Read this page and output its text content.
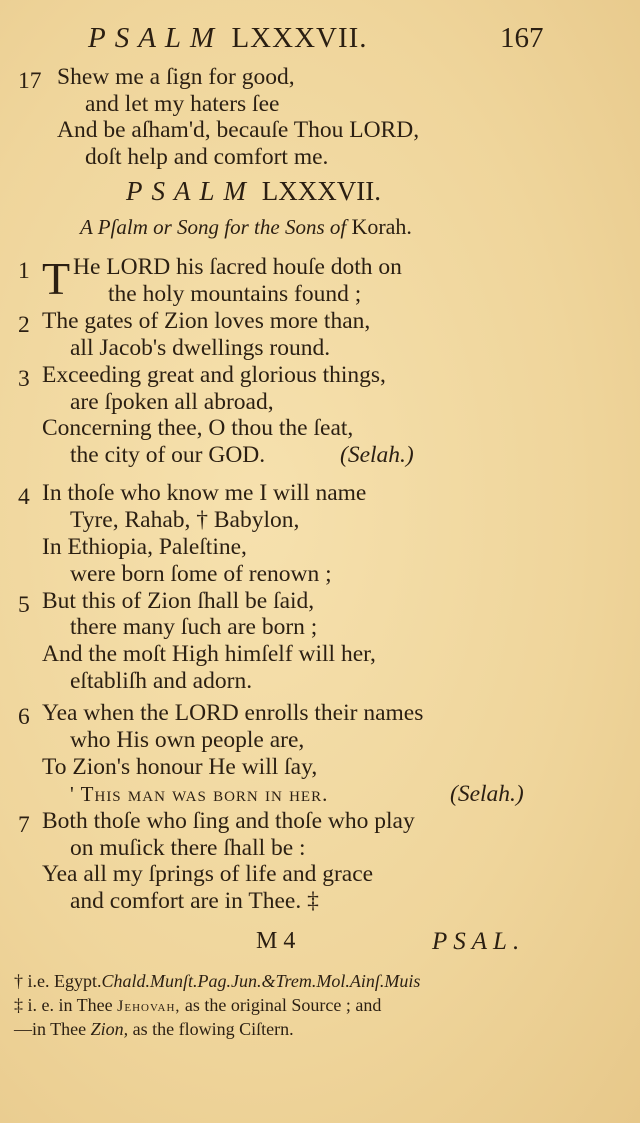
PSALM LXXXVII.	167
17 Shew me a ſign for good,
and let my haters ſee
And be aſham'd, becauſe Thou LORD,
doſt help and comfort me.
PSALM LXXXVII.
A Pſalm or Song for the Sons of Korah.
1 T He LORD his ſacred houſe doth on
the holy mountains found ;
2 The gates of Zion loves more than,
all Jacob's dwellings round.
3 Exceeding great and glorious things,
are ſpoken all abroad,
Concerning thee, O thou the ſeat,
the city of our GOD.	(Selah.)
4 In thoſe who know me I will name
Tyre, Rahab, † Babylon,
In Ethiopia, Paleſtine,
were born ſome of renown ;
5 But this of Zion ſhall be ſaid,
there many ſuch are born ;
And the moſt High himſelf will her,
eſtabliſh and adorn.
6 Yea when the LORD enrolls their names
who His own people are,
To Zion's honour He will ſay,
' This man was born in her.	(Selah.)
7 Both thoſe who ſing and thoſe who play
on muſick there ſhall be :
Yea all my ſprings of life and grace
and comfort are in Thee. ‡
M 4	PSAL.
† i.e. Egypt.Chald.Munſt.Pag.Jun.&Trem.Mol.Ainſ.Muis
‡ i. e. in Thee Jehovah, as the original Source ; and
—in Thee Zion, as the flowing Ciſtern.
